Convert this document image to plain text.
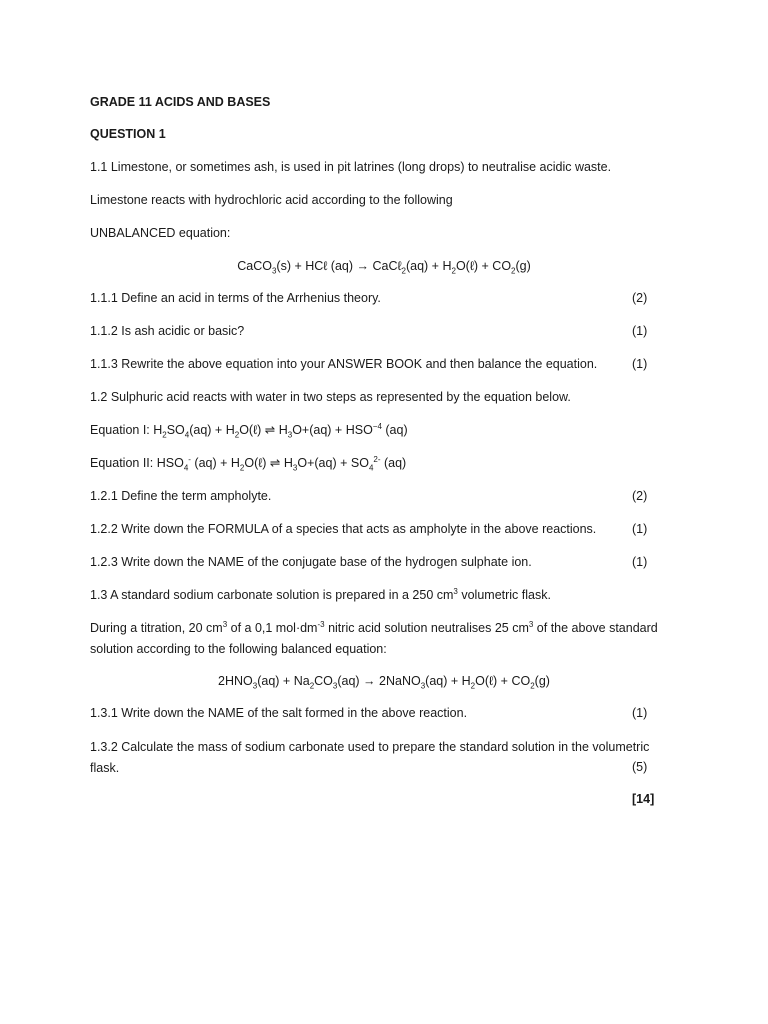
GRADE 11 ACIDS AND BASES
QUESTION 1
1.1 Limestone, or sometimes ash, is used in pit latrines (long drops) to neutralise acidic waste.
Limestone reacts with hydrochloric acid according to the following
UNBALANCED equation:
CaCO$_3$(s) + HCℓ (aq) → CaCℓ$_2$(aq) + $H_2O(\ell) + CO_2(g)$
1.1.1 Define an acid in terms of the Arrhenius theory.	(2)
1.1.2 Is ash acidic or basic?	(1)
1.1.3 Rewrite the above equation into your ANSWER BOOK and then balance the equation.	(1)
1.2 Sulphuric acid reacts with water in two steps as represented by the equation below.
Equation I: $H_2SO_4(aq)$ + $H_2O(\ell)$ ⇌ $H_3O+(aq) + HSO^{-4}$ (aq)
Equation II: $HSO_4^-$ $(aq) + H_2O(\ell)$ ⇌ $H_3O+(aq) + SO_4^{2-}$ (aq)
1.2.1 Define the term ampholyte.	(2)
1.2.2 Write down the FORMULA of a species that acts as ampholyte in the above reactions.	(1)
1.2.3 Write down the NAME of the conjugate base of the hydrogen sulphate ion.	(1)
1.3 A standard sodium carbonate solution is prepared in a 250 $cm^3$ volumetric flask.
During a titration, 20 $cm^3$ of a 0,1 $mol\cdot dm^{-3}$ nitric acid solution neutralises 25 $cm^3$ of the above standard solution according to the following balanced equation:
$2HNO_3(aq) + Na_2CO_3(aq)$ → 2NaNO$_3$(aq) + $H_2O(\ell) + CO_2(g)$
1.3.1 Write down the NAME of the salt formed in the above reaction.	(1)
1.3.2 Calculate the mass of sodium carbonate used to prepare the standard solution in the volumetric flask.	(5)
[14]
